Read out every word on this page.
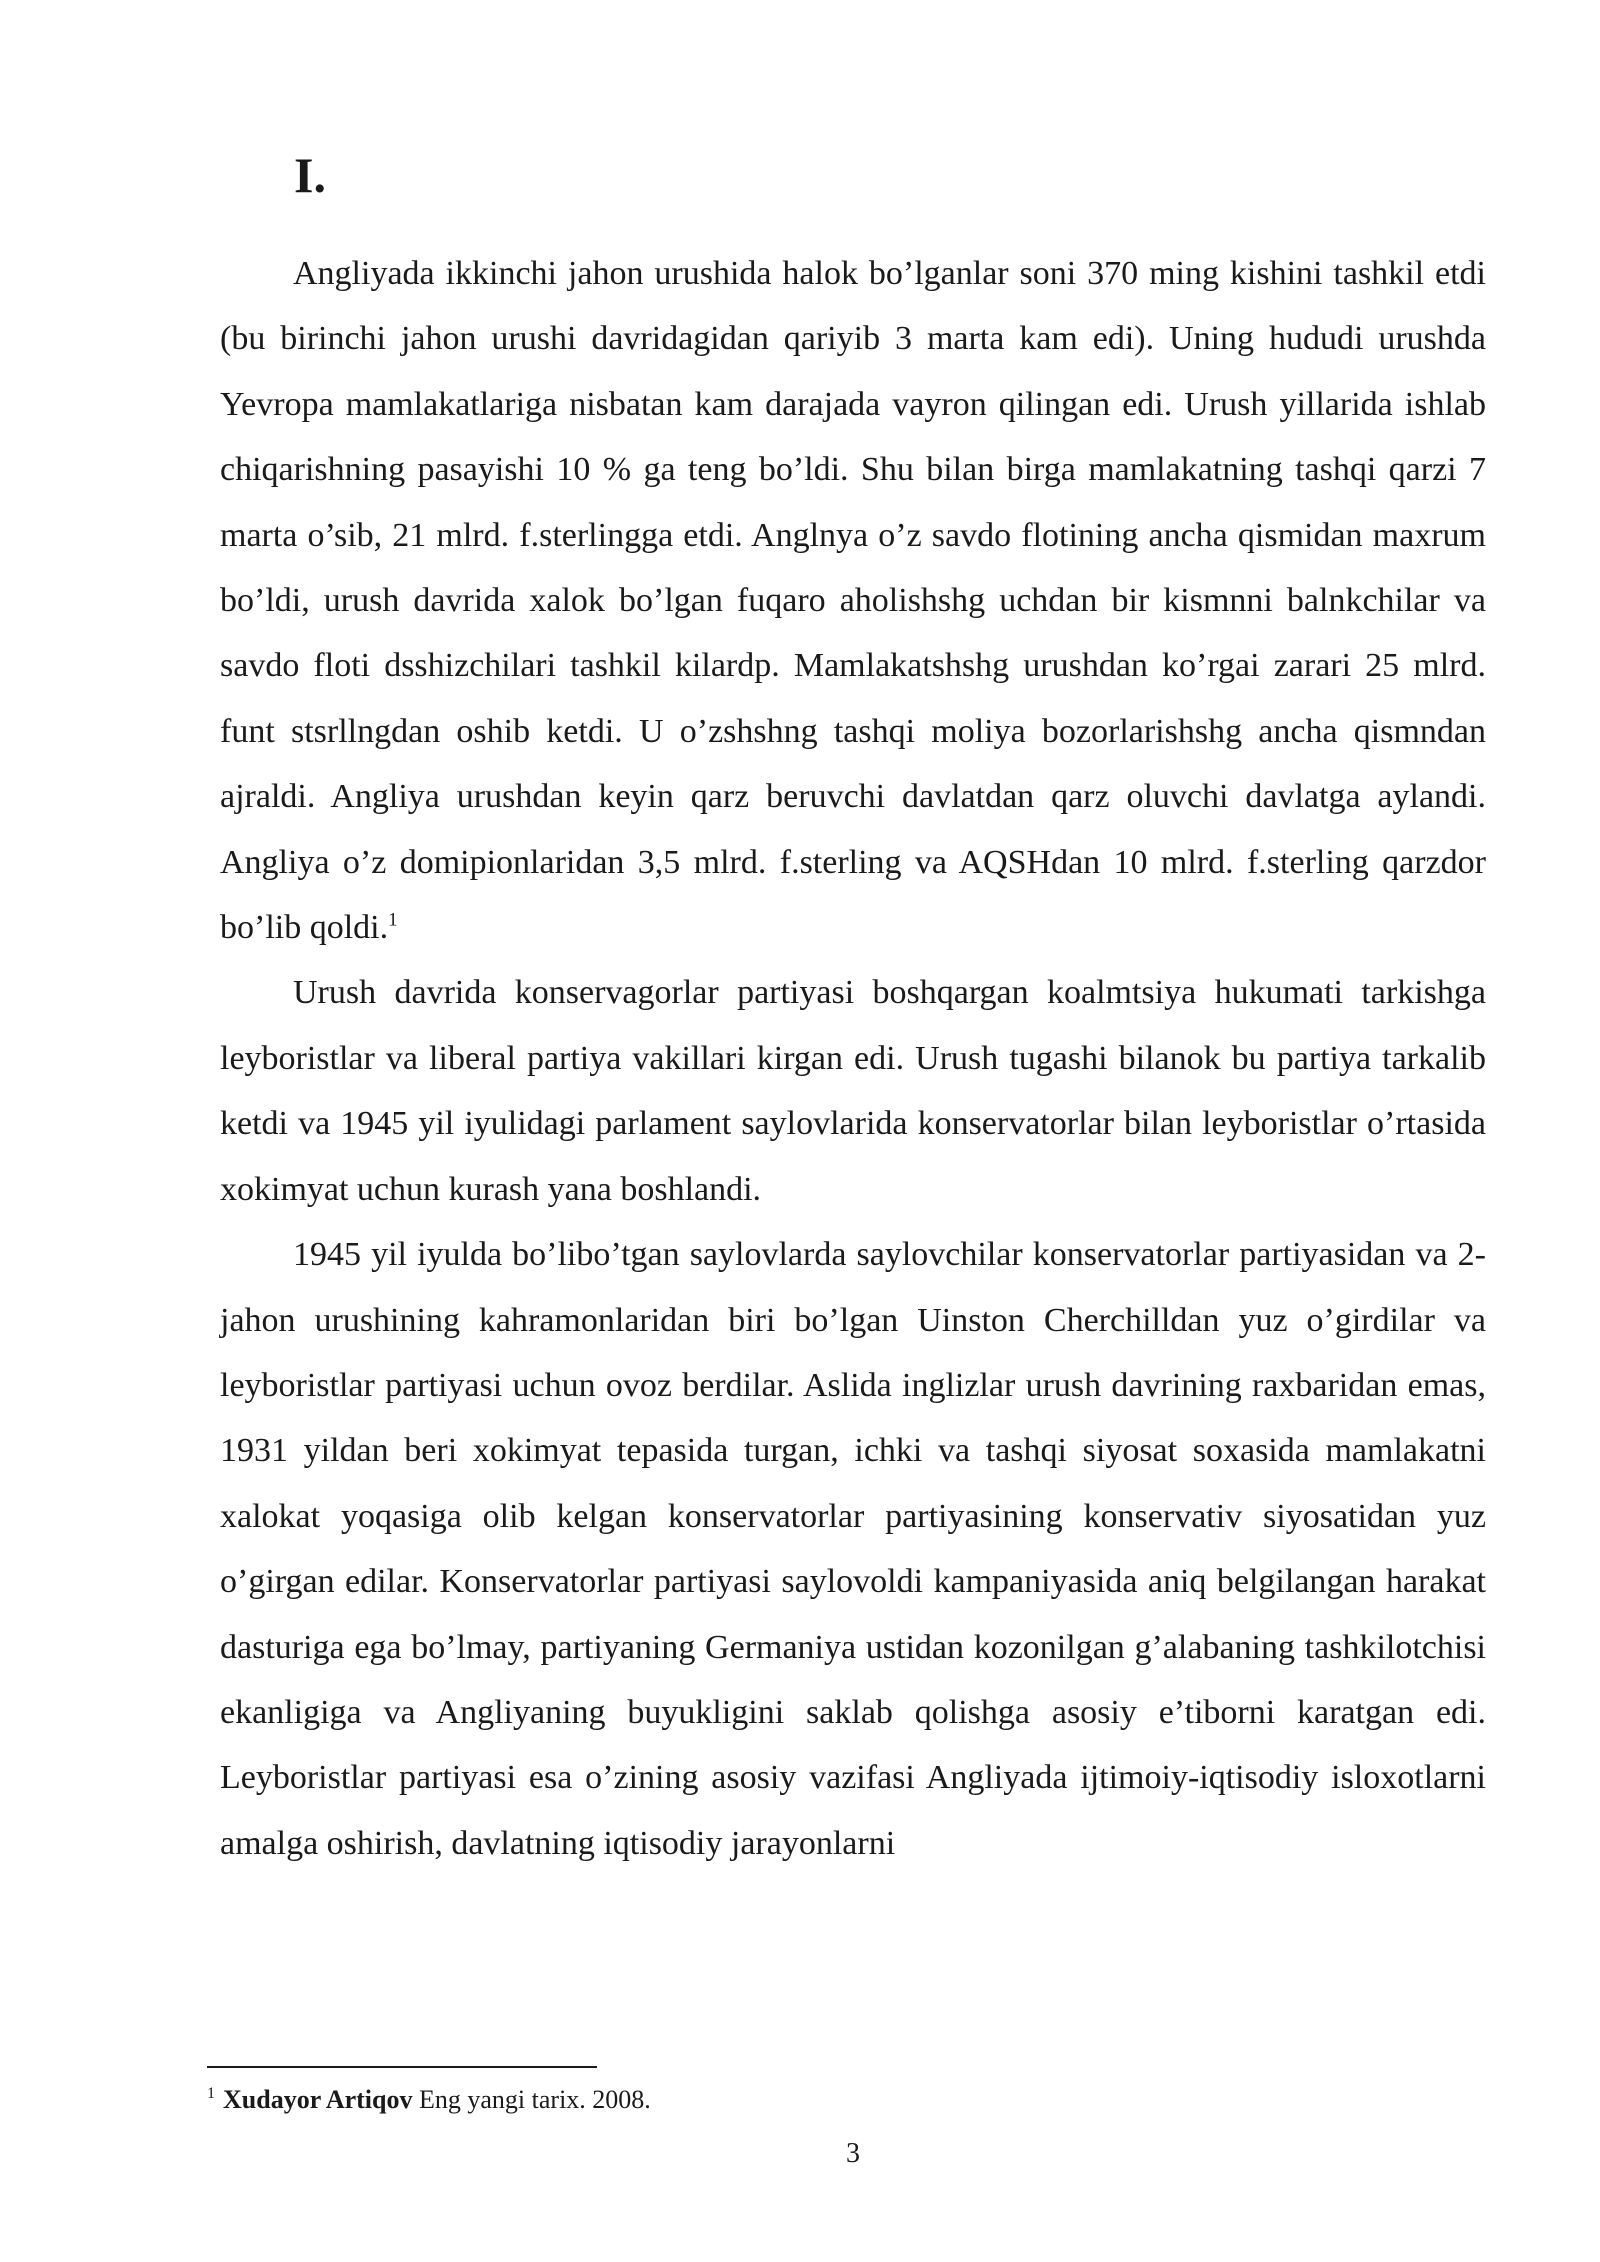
I.

Angliyada ikkinchi jahon urushida halok bo’lganlar soni 370 ming kishini tashkil etdi (bu birinchi jahon urushi davridagidan qariyib 3 marta kam edi). Uning hududi urushda Yevropa mamlakatlariga nisbatan kam darajada vayron qilingan edi. Urush yillarida ishlab chiqarishning pasayishi 10 % ga teng bo’ldi. Shu bilan birga mamlakatning tashqi qarzi 7 marta o’sib, 21 mlrd. f.sterlingga etdi. Anglnya o’z savdo flotining ancha qismidan maxrum bo’ldi, urush davrida xalok bo’lgan fuqaro aholishshg uchdan bir kismnni balnkchilar va savdo floti dsshizchilari tashkil kilardp. Mamlakatshshg urushdan ko’rgai zarari 25 mlrd. funt stsrllngdan oshib ketdi. U o’zshshng tashqi moliya bozorlarishshg ancha qismndan ajraldi. Angliya urushdan keyin qarz beruvchi davlatdan qarz oluvchi davlatga aylandi. Angliya o’z domipionlaridan 3,5 mlrd. f.sterling va AQSHdan 10 mlrd. f.sterling qarzdor bo’lib qoldi.$^1$

Urush davrida konservagorlar partiyasi boshqargan koalmtsiya hukumati tarkishga leyboristlar va liberal partiya vakillari kirgan edi. Urush tugashi bilanok bu partiya tarkalib ketdi va 1945 yil iyulidagi parlament saylovlarida konservatorlar bilan leyboristlar o’rtasida xokimyat uchun kurash yana boshlandi.

1945 yil iyulda bo’libo’tgan saylovlarda saylovchilar konservatorlar partiyasidan va 2-jahon urushining kahramonlaridan biri bo’lgan Uinston Cherchilldan yuz o’girdilar va leyboristlar partiyasi uchun ovoz berdilar. Aslida inglizlar urush davrining raxbaridan emas, 1931 yildan beri xokimyat tepasida turgan, ichki va tashqi siyosat soxasida mamlakatni xalokat yoqasiga olib kelgan konservatorlar partiyasining konservativ siyosatidan yuz o’girgan edilar. Konservatorlar partiyasi saylovoldi kampaniyasida aniq belgilangan harakat dasturiga ega bo’lmay, partiyaning Germaniya ustidan kozonilgan g’alabaning tashkilotchisi ekanligiga va Angliyaning buyukligini saklab qolishga asosiy e’tiborni karatgan edi. Leyboristlar partiyasi esa o’zining asosiy vazifasi Angliyada ijtimoiy-iqtisodiy isloxotlarni amalga oshirish, davlatning iqtisodiy jarayonlarni

$^1$ Xudayor Artiqov Eng yangi tarix. 2008.
3
